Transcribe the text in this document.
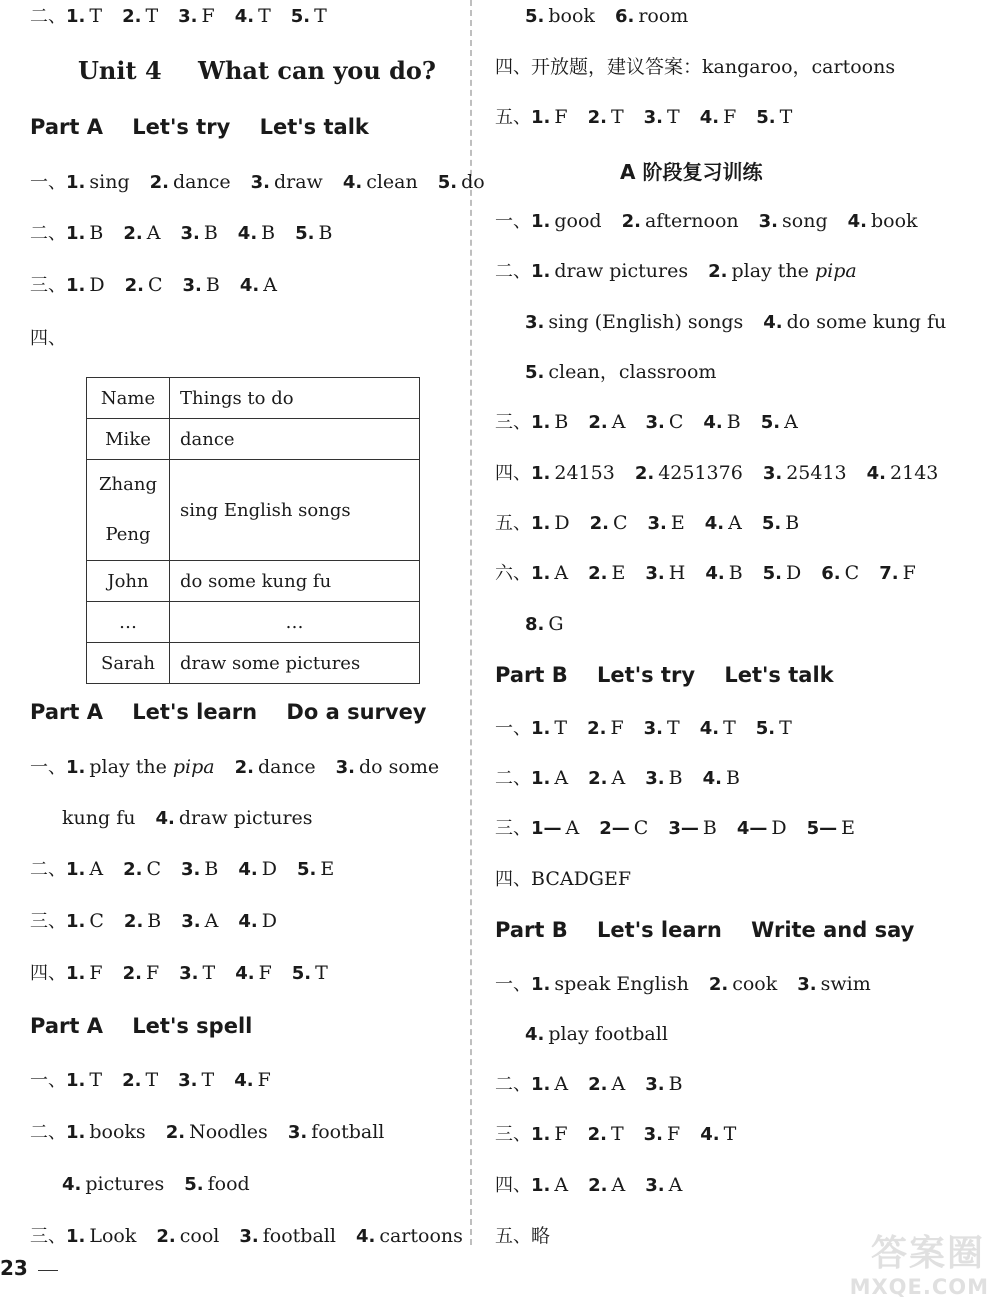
二、1. T 2. T 3. F 4. T 5. T
Unit 4 What can you do?
Part A Let's try Let's talk
一、1. sing 2. dance 3. draw 4. clean 5. do
二、1. B 2. A 3. B 4. B 5. B
三、1. D 2. C 3. B 4. A
四、
Name	Things to do
Mike	dance
Zhang Peng	sing English songs
John	do some kung fu
…	…
Sarah	draw some pictures
Part A Let's learn Do a survey
一、1. play the pipa 2. dance 3. do some
kung fu 4. draw pictures
二、1. A 2. C 3. B 4. D 5. E
三、1. C 2. B 3. A 4. D
四、1. F 2. F 3. T 4. F 5. T
Part A Let's spell
一、1. T 2. T 3. T 4. F
二、1. books 2. Noodles 3. football
4. pictures 5. food
三、1. Look 2. cool 3. football 4. cartoons
5. book 6. room
四、开放题，建议答案：kangaroo，cartoons
五、1. F 2. T 3. T 4. F 5. T
A 阶段复习训练
一、1. good 2. afternoon 3. song 4. book
二、1. draw pictures 2. play the pipa
3. sing (English) songs 4. do some kung fu
5. clean，classroom
三、1. B 2. A 3. C 4. B 5. A
四、1. 24153 2. 4251376 3. 25413 4. 2143
五、1. D 2. C 3. E 4. A 5. B
六、1. A 2. E 3. H 4. B 5. D 6. C 7. F
8. G
Part B Let's try Let's talk
一、1. T 2. F 3. T 4. T 5. T
二、1. A 2. A 3. B 4. B
三、1— A 2— C 3— B 4— D 5— E
四、BCADGEF
Part B Let's learn Write and say
一、1. speak English 2. cook 3. swim
4. play football
二、1. A 2. A 3. B
三、1. F 2. T 3. F 4. T
四、1. A 2. A 3. A
五、略
23	答案圈
MXQE.COM
